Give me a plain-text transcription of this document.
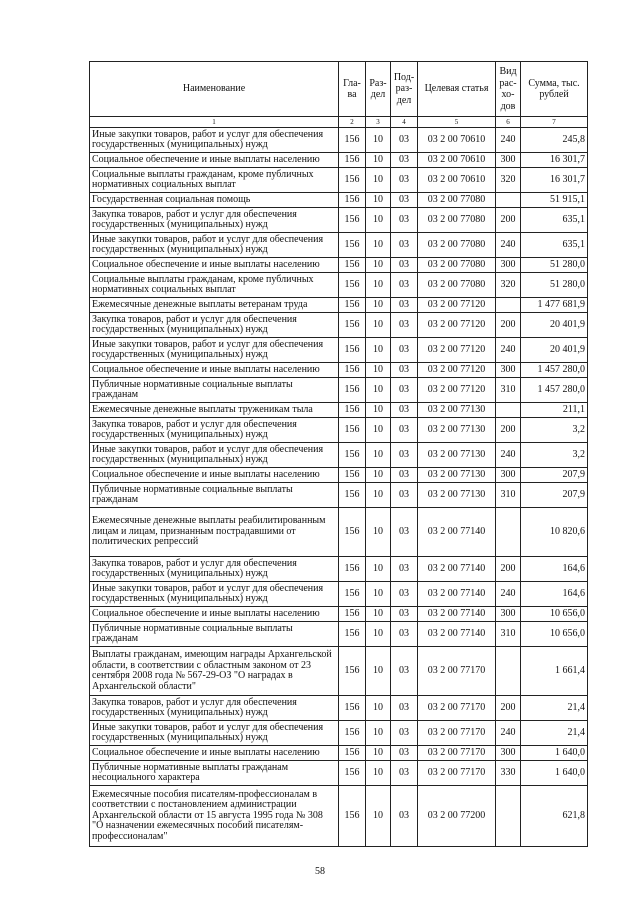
Наименование	Гла-ва	Раз-дел	Под-раз-дел	Целевая статья	Вид рас-хо-дов	Сумма, тыс. рублей
1	2	3	4	5	6	7
Иные закупки товаров, работ и услуг для обеспечения государственных (муниципальных) нужд	156	10	03	03 2 00 70610	240	245,8
Социальное обеспечение и иные выплаты населению	156	10	03	03 2 00 70610	300	16 301,7
Социальные выплаты гражданам, кроме публичных нормативных социальных выплат	156	10	03	03 2 00 70610	320	16 301,7
Государственная социальная помощь	156	10	03	03 2 00 77080		51 915,1
Закупка товаров, работ и услуг для обеспечения государственных (муниципальных) нужд	156	10	03	03 2 00 77080	200	635,1
Иные закупки товаров, работ и услуг для обеспечения государственных (муниципальных) нужд	156	10	03	03 2 00 77080	240	635,1
Социальное обеспечение и иные выплаты населению	156	10	03	03 2 00 77080	300	51 280,0
Социальные выплаты гражданам, кроме публичных нормативных социальных выплат	156	10	03	03 2 00 77080	320	51 280,0
Ежемесячные денежные выплаты ветеранам труда	156	10	03	03 2 00 77120		1 477 681,9
Закупка товаров, работ и услуг для обеспечения государственных (муниципальных) нужд	156	10	03	03 2 00 77120	200	20 401,9
Иные закупки товаров, работ и услуг для обеспечения государственных (муниципальных) нужд	156	10	03	03 2 00 77120	240	20 401,9
Социальное обеспечение и иные выплаты населению	156	10	03	03 2 00 77120	300	1 457 280,0
Публичные нормативные социальные выплаты гражданам	156	10	03	03 2 00 77120	310	1 457 280,0
Ежемесячные денежные выплаты труженикам тыла	156	10	03	03 2 00 77130		211,1
Закупка товаров, работ и услуг для обеспечения государственных (муниципальных) нужд	156	10	03	03 2 00 77130	200	3,2
Иные закупки товаров, работ и услуг для обеспечения государственных (муниципальных) нужд	156	10	03	03 2 00 77130	240	3,2
Социальное обеспечение и иные выплаты населению	156	10	03	03 2 00 77130	300	207,9
Публичные нормативные социальные выплаты гражданам	156	10	03	03 2 00 77130	310	207,9
Ежемесячные денежные выплаты реабилитированным лицам и лицам, признанным пострадавшими от политических репрессий	156	10	03	03 2 00 77140		10 820,6
Закупка товаров, работ и услуг для обеспечения государственных (муниципальных) нужд	156	10	03	03 2 00 77140	200	164,6
Иные закупки товаров, работ и услуг для обеспечения государственных (муниципальных) нужд	156	10	03	03 2 00 77140	240	164,6
Социальное обеспечение и иные выплаты населению	156	10	03	03 2 00 77140	300	10 656,0
Публичные нормативные социальные выплаты гражданам	156	10	03	03 2 00 77140	310	10 656,0
Выплаты гражданам, имеющим награды Архангельской области, в соответствии с областным законом от 23 сентября 2008 года № 567-29-ОЗ "О наградах в Архангельской области"	156	10	03	03 2 00 77170		1 661,4
Закупка товаров, работ и услуг для обеспечения государственных (муниципальных) нужд	156	10	03	03 2 00 77170	200	21,4
Иные закупки товаров, работ и услуг для обеспечения государственных (муниципальных) нужд	156	10	03	03 2 00 77170	240	21,4
Социальное обеспечение и иные выплаты населению	156	10	03	03 2 00 77170	300	1 640,0
Публичные нормативные выплаты гражданам несоциального характера	156	10	03	03 2 00 77170	330	1 640,0
Ежемесячные пособия писателям-профессионалам в соответствии с постановлением администрации Архангельской области от 15 августа 1995 года № 308 "О назначении ежемесячных пособий писателям-профессионалам"	156	10	03	03 2 00 77200		621,8
58
